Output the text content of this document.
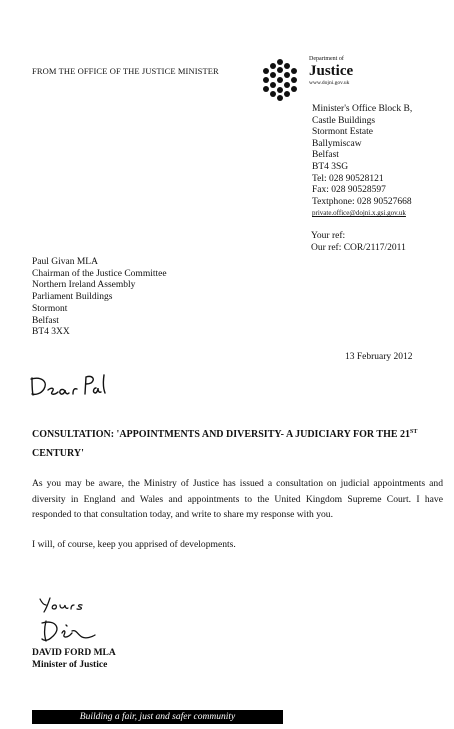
FROM THE OFFICE OF THE JUSTICE MINISTER
Department of
Justice
www.dojni.gov.uk
Minister's Office Block B,
Castle Buildings
Stormont Estate
Ballymiscaw
Belfast
BT4 3SG
Tel: 028 90528121
Fax: 028 90528597
Textphone: 028 90527668
private.office@dojni.x.gsi.gov.uk
Your ref:
Our ref: COR/2117/2011
Paul Givan MLA
Chairman of the Justice Committee
Northern Ireland Assembly
Parliament Buildings
Stormont
Belfast
BT4 3XX
13 February 2012
CONSULTATION: 'APPOINTMENTS AND DIVERSITY- A JUDICIARY FOR THE 21ST CENTURY'

As you may be aware, the Ministry of Justice has issued a consultation on judicial appointments and diversity in England and Wales and appointments to the United Kingdom Supreme Court. I have responded to that consultation today, and write to share my response with you.

I will, of course, keep you apprised of developments.

DAVID FORD MLA
Minister of Justice
Building a fair, just and safer community
